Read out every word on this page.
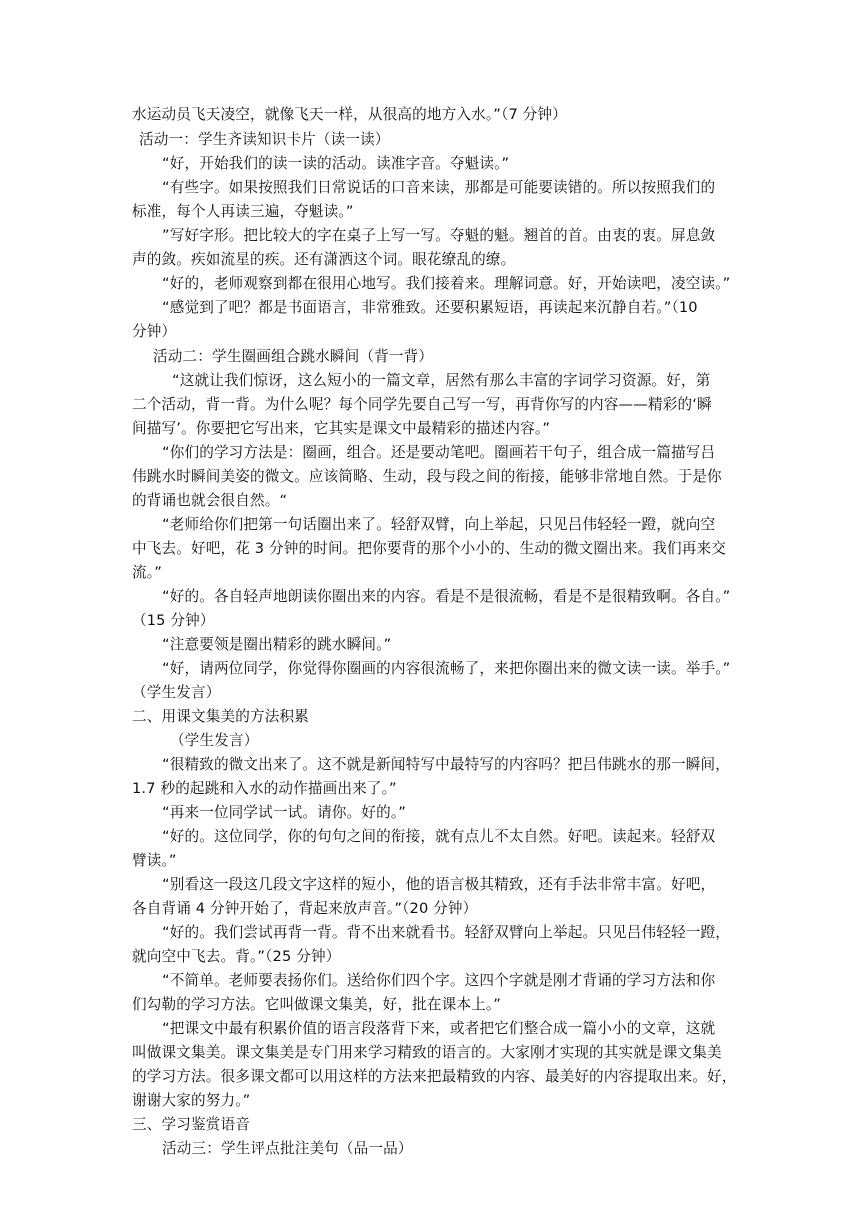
水运动员飞天凌空，就像飞天一样，从很高的地方入水。”（7 分钟）
活动一：学生齐读知识卡片（读一读）
“好，开始我们的读一读的活动。读准字音。夺魁读。”
“有些字。如果按照我们日常说话的口音来读，那都是可能要读错的。所以按照我们的
标准，每个人再读三遍，夺魁读。”
”写好字形。把比较大的字在桌子上写一写。夺魁的魁。翘首的首。由衷的衷。屏息敛
声的敛。疾如流星的疾。还有潇洒这个词。眼花缭乱的缭。
“好的，老师观察到都在很用心地写。我们接着来。理解词意。好，开始读吧，凌空读。”
“感觉到了吧？都是书面语言，非常雅致。还要积累短语，再读起来沉静自若。”（10
分钟）
活动二：学生圈画组合跳水瞬间（背一背）
“这就让我们惊讶，这么短小的一篇文章，居然有那么丰富的字词学习资源。好，第
二个活动，背一背。为什么呢？每个同学先要自己写一写，再背你写的内容——精彩的‘瞬
间描写’。你要把它写出来，它其实是课文中最精彩的描述内容。”
“你们的学习方法是：圈画，组合。还是要动笔吧。圈画若干句子，组合成一篇描写吕
伟跳水时瞬间美姿的微文。应该简略、生动，段与段之间的衔接，能够非常地自然。于是你
的背诵也就会很自然。“
“老师给你们把第一句话圈出来了。轻舒双臂，向上举起，只见吕伟轻轻一蹬，就向空
中飞去。好吧，花 3 分钟的时间。把你要背的那个小小的、生动的微文圈出来。我们再来交
流。”
“好的。各自轻声地朗读你圈出来的内容。看是不是很流畅，看是不是很精致啊。各自。”
（15 分钟）
“注意要领是圈出精彩的跳水瞬间。”
“好，请两位同学，你觉得你圈画的内容很流畅了，来把你圈出来的微文读一读。举手。”
（学生发言）
二、用课文集美的方法积累
（学生发言）
“很精致的微文出来了。这不就是新闻特写中最特写的内容吗？把吕伟跳水的那一瞬间，
1.7 秒的起跳和入水的动作描画出来了。”
“再来一位同学试一试。请你。好的。”
“好的。这位同学，你的句句之间的衔接，就有点儿不太自然。好吧。读起来。轻舒双
臂读。”
“别看这一段这几段文字这样的短小，他的语言极其精致，还有手法非常丰富。好吧，
各自背诵 4 分钟开始了，背起来放声音。”（20 分钟）
“好的。我们尝试再背一背。背不出来就看书。轻舒双臂向上举起。只见吕伟轻轻一蹬，
就向空中飞去。背。”（25 分钟）
“不简单。老师要表扬你们。送给你们四个字。这四个字就是刚才背诵的学习方法和你
们勾勒的学习方法。它叫做课文集美，好，批在课本上。”
“把课文中最有积累价值的语言段落背下来，或者把它们整合成一篇小小的文章，这就
叫做课文集美。课文集美是专门用来学习精致的语言的。大家刚才实现的其实就是课文集美
的学习方法。很多课文都可以用这样的方法来把最精致的内容、最美好的内容提取出来。好，
谢谢大家的努力。”
三、学习鉴赏语音
活动三：学生评点批注美句（品一品）
